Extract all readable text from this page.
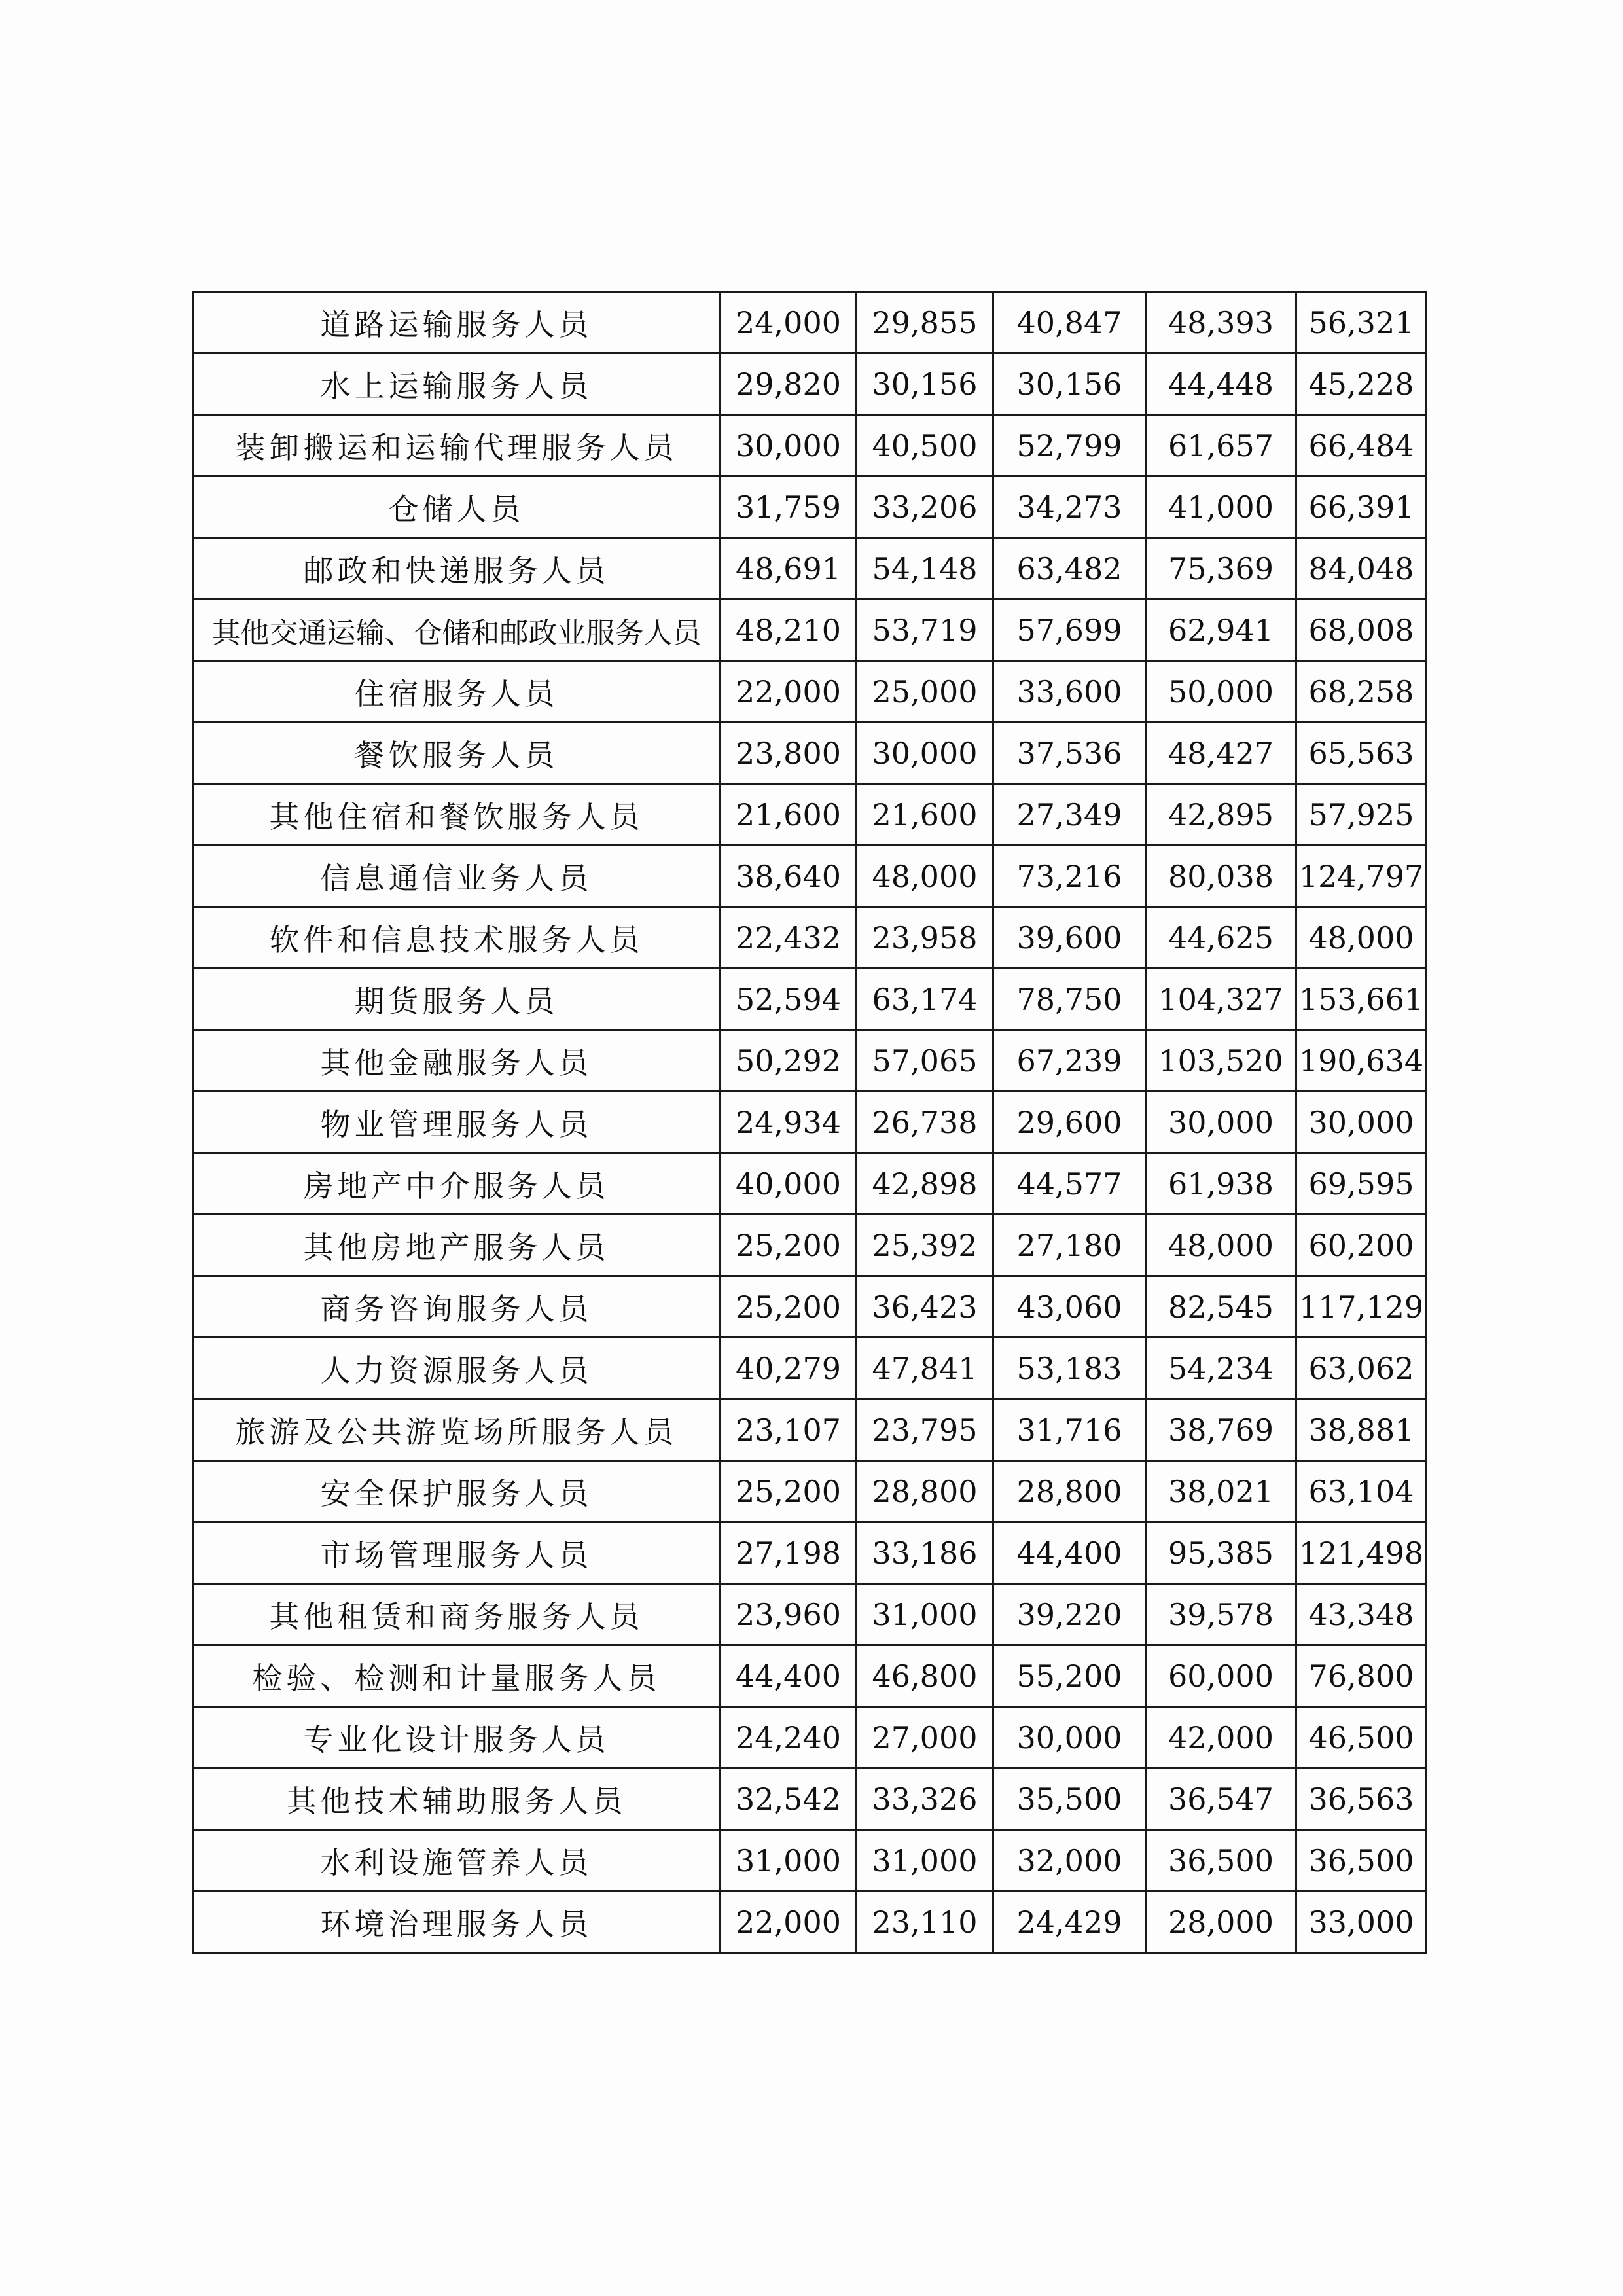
道路运输服务人员	24,000	29,855	40,847	48,393	56,321
水上运输服务人员	29,820	30,156	30,156	44,448	45,228
装卸搬运和运输代理服务人员	30,000	40,500	52,799	61,657	66,484
仓储人员	31,759	33,206	34,273	41,000	66,391
邮政和快递服务人员	48,691	54,148	63,482	75,369	84,048
其他交通运输、仓储和邮政业服务人员	48,210	53,719	57,699	62,941	68,008
住宿服务人员	22,000	25,000	33,600	50,000	68,258
餐饮服务人员	23,800	30,000	37,536	48,427	65,563
其他住宿和餐饮服务人员	21,600	21,600	27,349	42,895	57,925
信息通信业务人员	38,640	48,000	73,216	80,038	124,797
软件和信息技术服务人员	22,432	23,958	39,600	44,625	48,000
期货服务人员	52,594	63,174	78,750	104,327	153,661
其他金融服务人员	50,292	57,065	67,239	103,520	190,634
物业管理服务人员	24,934	26,738	29,600	30,000	30,000
房地产中介服务人员	40,000	42,898	44,577	61,938	69,595
其他房地产服务人员	25,200	25,392	27,180	48,000	60,200
商务咨询服务人员	25,200	36,423	43,060	82,545	117,129
人力资源服务人员	40,279	47,841	53,183	54,234	63,062
旅游及公共游览场所服务人员	23,107	23,795	31,716	38,769	38,881
安全保护服务人员	25,200	28,800	28,800	38,021	63,104
市场管理服务人员	27,198	33,186	44,400	95,385	121,498
其他租赁和商务服务人员	23,960	31,000	39,220	39,578	43,348
检验、检测和计量服务人员	44,400	46,800	55,200	60,000	76,800
专业化设计服务人员	24,240	27,000	30,000	42,000	46,500
其他技术辅助服务人员	32,542	33,326	35,500	36,547	36,563
水利设施管养人员	31,000	31,000	32,000	36,500	36,500
环境治理服务人员	22,000	23,110	24,429	28,000	33,000
